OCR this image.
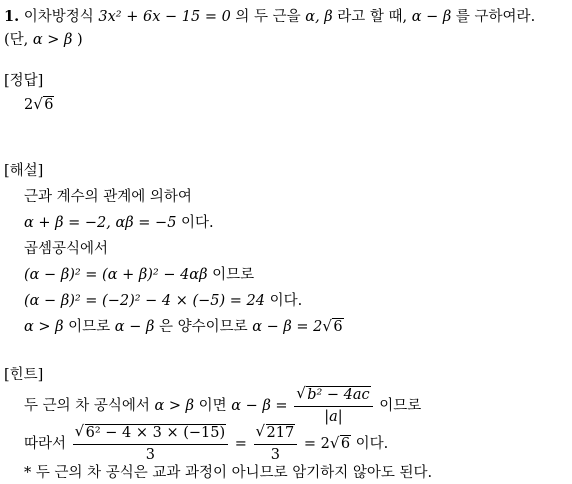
1. 이차방정식 3x² + 6x − 15 = 0 의 두 근을 α, β 라고 할 때, α − β 를 구하여라.
(단, α > β )
[정답]
2√ 6
[해설]
근과 계수의 관계에 의하여
α + β = −2, αβ = −5 이다.
곱셈공식에서
(α − β)² = (α + β)² − 4αβ 이므로
(α − β)² = (−2)² − 4 × (−5) = 24 이다.
α > β 이므로 α − β 은 양수이므로 α − β = 2√ 6
[힌트]
두 근의 차 공식에서 α > β 이면 α − β =
√ $\frac{\text{b² − 4ac}}{|a|}$ 이므로
따라서
√ $\frac{\text{6² − 4 × 3 × (−15)}}{3}$ =
√ $\frac{217}{3} = 2√$ 6 이다.
* 두 근의 차 공식은 교과 과정이 아니므로 암기하지 않아도 된다.
